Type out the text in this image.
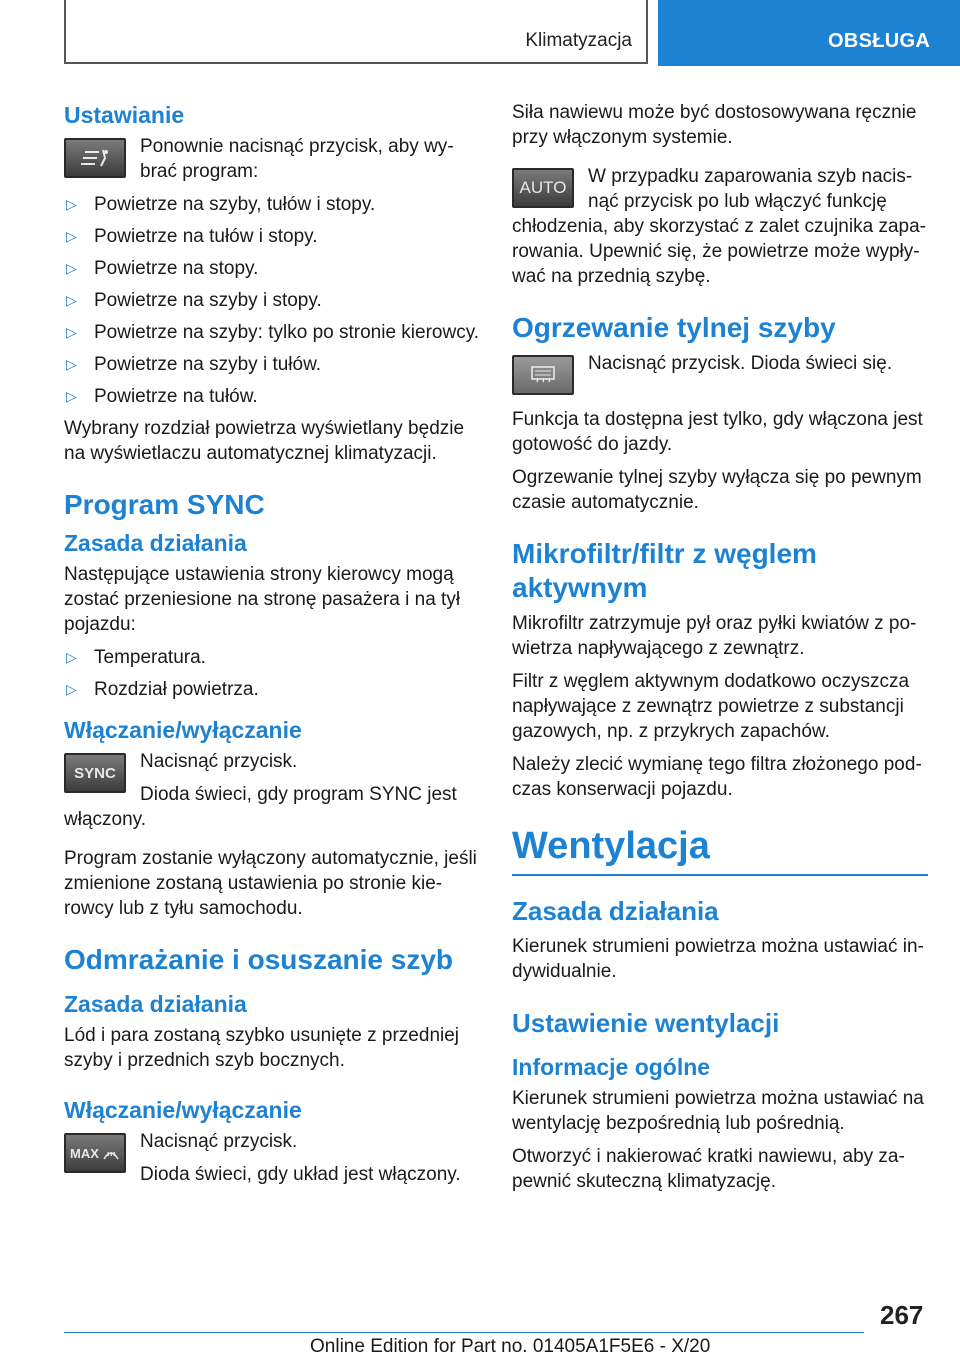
Klimatyzacja	OBSŁUGA
Ustawianie

Ponownie nacisnąć przycisk, aby wybrać program:

▷ Powietrze na szyby, tułów i stopy.
▷ Powietrze na tułów i stopy.
▷ Powietrze na stopy.
▷ Powietrze na szyby i stopy.
▷ Powietrze na szyby: tylko po stronie kierowcy.
▷ Powietrze na szyby i tułów.
▷ Powietrze na tułów.

Wybrany rozdział powietrza wyświetlany będzie na wyświetlaczu automatycznej klimatyzacji.

Program SYNC
Zasada działania

Następujące ustawienia strony kierowcy mogą zostać przeniesione na stronę pasażera i na tył pojazdu:

▷ Temperatura.
▷ Rozdział powietrza.
Włączanie/wyłączanie
SYNC

Nacisnąć przycisk.

Dioda świeci, gdy program SYNC jest włączony.

Program zostanie wyłączony automatycznie, jeśli zmienione zostaną ustawienia po stronie kierowcy lub z tyłu samochodu.

Odmrażanie i osuszanie szyb
Zasada działania

Lód i para zostaną szybko usunięte z przedniej szyby i przednich szyb bocznych.

Włączanie/wyłączanie
MAX

Nacisnąć przycisk.

Dioda świeci, gdy układ jest włączony.

Siła nawiewu może być dostosowywana ręcznie przy włączonym systemie.

AUTO

W przypadku zaparowania szyb nacisnąć przycisk po lub włączyć funkcję chłodzenia, aby skorzystać z zalet czujnika zaparowania. Upewnić się, że powietrze może wypływać na przednią szybę.

Ogrzewanie tylnej szyby

Nacisnąć przycisk. Dioda świeci się.

Funkcja ta dostępna jest tylko, gdy włączona jest gotowość do jazdy.

Ogrzewanie tylnej szyby wyłącza się po pewnym czasie automatycznie.

Mikrofiltr/filtr z węglem aktywnym

Mikrofiltr zatrzymuje pył oraz pyłki kwiatów z powietrza napływającego z zewnątrz.

Filtr z węglem aktywnym dodatkowo oczyszcza napływające z zewnątrz powietrze z substancji gazowych, np. z przykrych zapachów.

Należy zlecić wymianę tego filtra złożonego podczas konserwacji pojazdu.

Wentylacja
Zasada działania

Kierunek strumieni powietrza można ustawiać indywidualnie.

Ustawienie wentylacji
Informacje ogólne

Kierunek strumieni powietrza można ustawiać na wentylację bezpośrednią lub pośrednią.

Otworzyć i nakierować kratki nawiewu, aby zapewnić skuteczną klimatyzację.

267
Online Edition for Part no. 01405A1F5E6 - X/20
